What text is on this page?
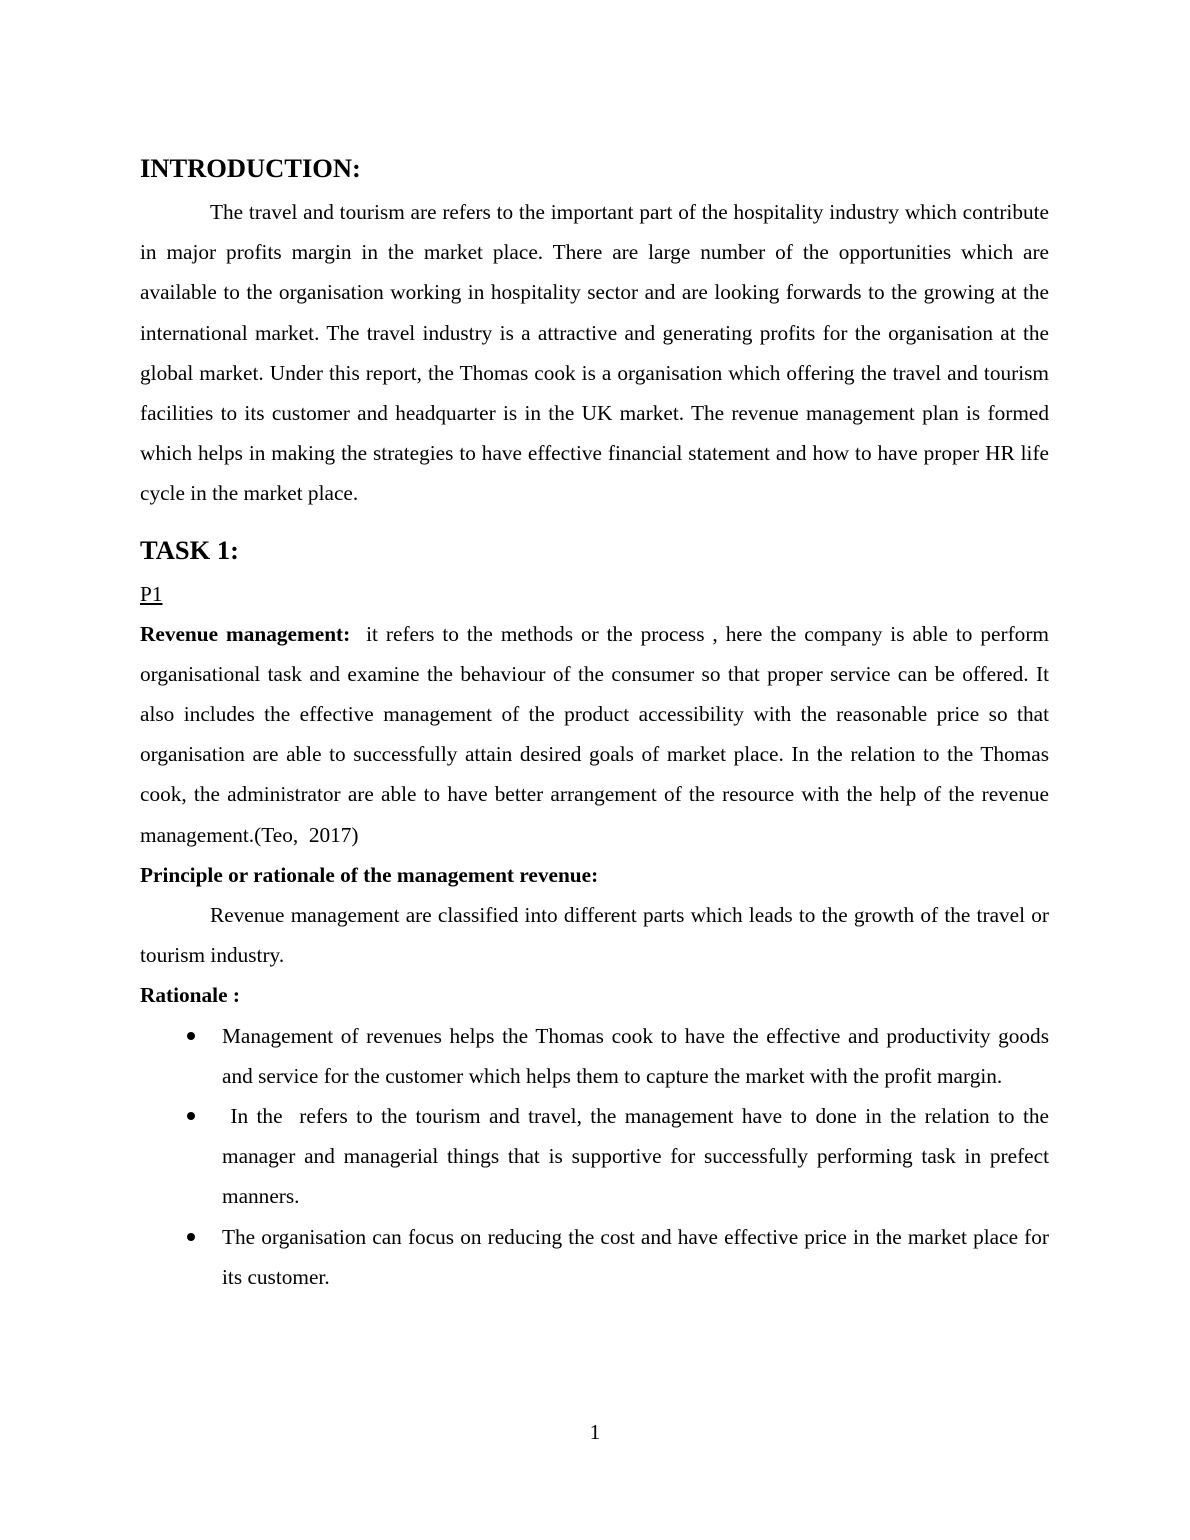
INTRODUCTION:

The travel and tourism are refers to the important part of the hospitality industry which contribute in major profits margin in the market place. There are large number of the opportunities which are available to the organisation working in hospitality sector and are looking forwards to the growing at the international market. The travel industry is a attractive and generating profits for the organisation at the global market. Under this report, the Thomas cook is a organisation which offering the travel and tourism facilities to its customer and headquarter is in the UK market. The revenue management plan is formed which helps in making the strategies to have effective financial statement and how to have proper HR life cycle in the market place.

TASK 1:
P1

Revenue management:  it refers to the methods or the process , here the company is able to perform organisational task and examine the behaviour of the consumer so that proper service can be offered. It also includes the effective management of the product accessibility with the reasonable price so that organisation are able to successfully attain desired goals of market place. In the relation to the Thomas cook, the administrator are able to have better arrangement of the resource with the help of the revenue management.(Teo,  2017)

Principle or rationale of the management revenue:

Revenue management are classified into different parts which leads to the growth of the travel or tourism industry.

Rationale :

Management of revenues helps the Thomas cook to have the effective and productivity goods and service for the customer which helps them to capture the market with the profit margin.
In the  refers to the tourism and travel, the management have to done in the relation to the manager and managerial things that is supportive for successfully performing task in prefect manners.
The organisation can focus on reducing the cost and have effective price in the market place for its customer.
1
